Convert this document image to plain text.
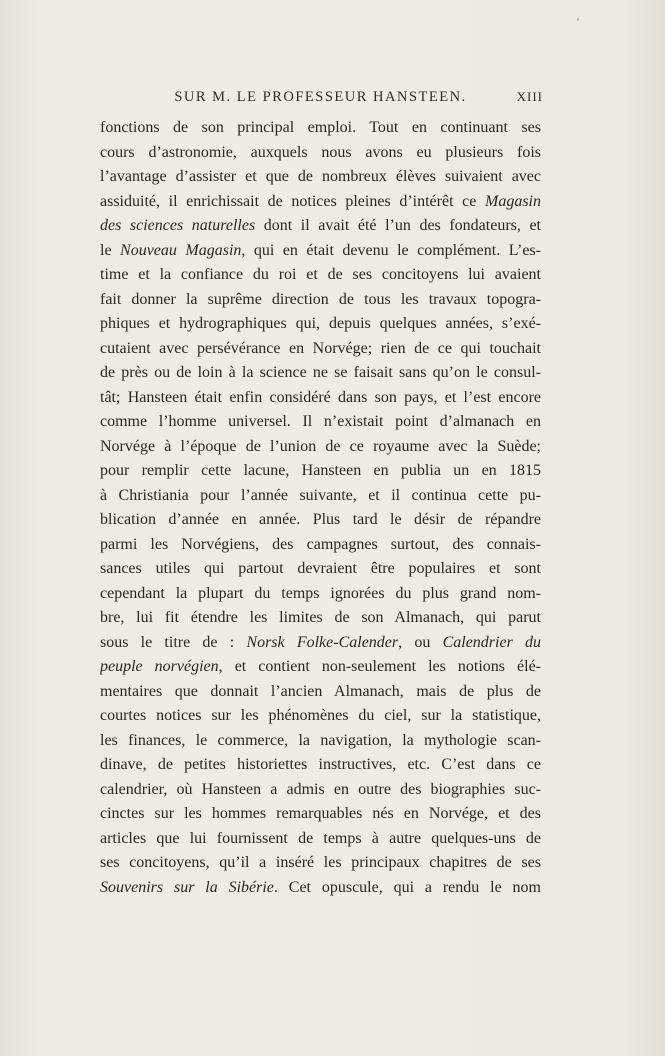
SUR M. LE PROFESSEUR HANSTEEN.	XIII
fonctions de son principal emploi. Tout en continuant ses
cours d’astronomie, auxquels nous avons eu plusieurs fois
l’avantage d’assister et que de nombreux élèves suivaient avec
assiduité, il enrichissait de notices pleines d’intérêt ce Magasin
des sciences naturelles dont il avait été l’un des fondateurs, et
le Nouveau Magasin, qui en était devenu le complément. L’es-
time et la confiance du roi et de ses concitoyens lui avaient
fait donner la suprême direction de tous les travaux topogra-
phiques et hydrographiques qui, depuis quelques années, s’exé-
cutaient avec persévérance en Norvége; rien de ce qui touchait
de près ou de loin à la science ne se faisait sans qu’on le consul-
tât; Hansteen était enfin considéré dans son pays, et l’est encore
comme l’homme universel. Il n’existait point d’almanach en
Norvége à l’époque de l’union de ce royaume avec la Suède;
pour remplir cette lacune, Hansteen en publia un en 1815
à Christiania pour l’année suivante, et il continua cette pu-
blication d’année en année. Plus tard le désir de répandre
parmi les Norvégiens, des campagnes surtout, des connais-
sances utiles qui partout devraient être populaires et sont
cependant la plupart du temps ignorées du plus grand nom-
bre, lui fit étendre les limites de son Almanach, qui parut
sous le titre de : Norsk Folke-Calender, ou Calendrier du
peuple norvégien, et contient non-seulement les notions élé-
mentaires que donnait l’ancien Almanach, mais de plus de
courtes notices sur les phénomènes du ciel, sur la statistique,
les finances, le commerce, la navigation, la mythologie scan-
dinave, de petites historiettes instructives, etc. C’est dans ce
calendrier, où Hansteen a admis en outre des biographies suc-
cinctes sur les hommes remarquables nés en Norvége, et des
articles que lui fournissent de temps à autre quelques-uns de
ses concitoyens, qu’il a inséré les principaux chapitres de ses
Souvenirs sur la Sibérie. Cet opuscule, qui a rendu le nom
